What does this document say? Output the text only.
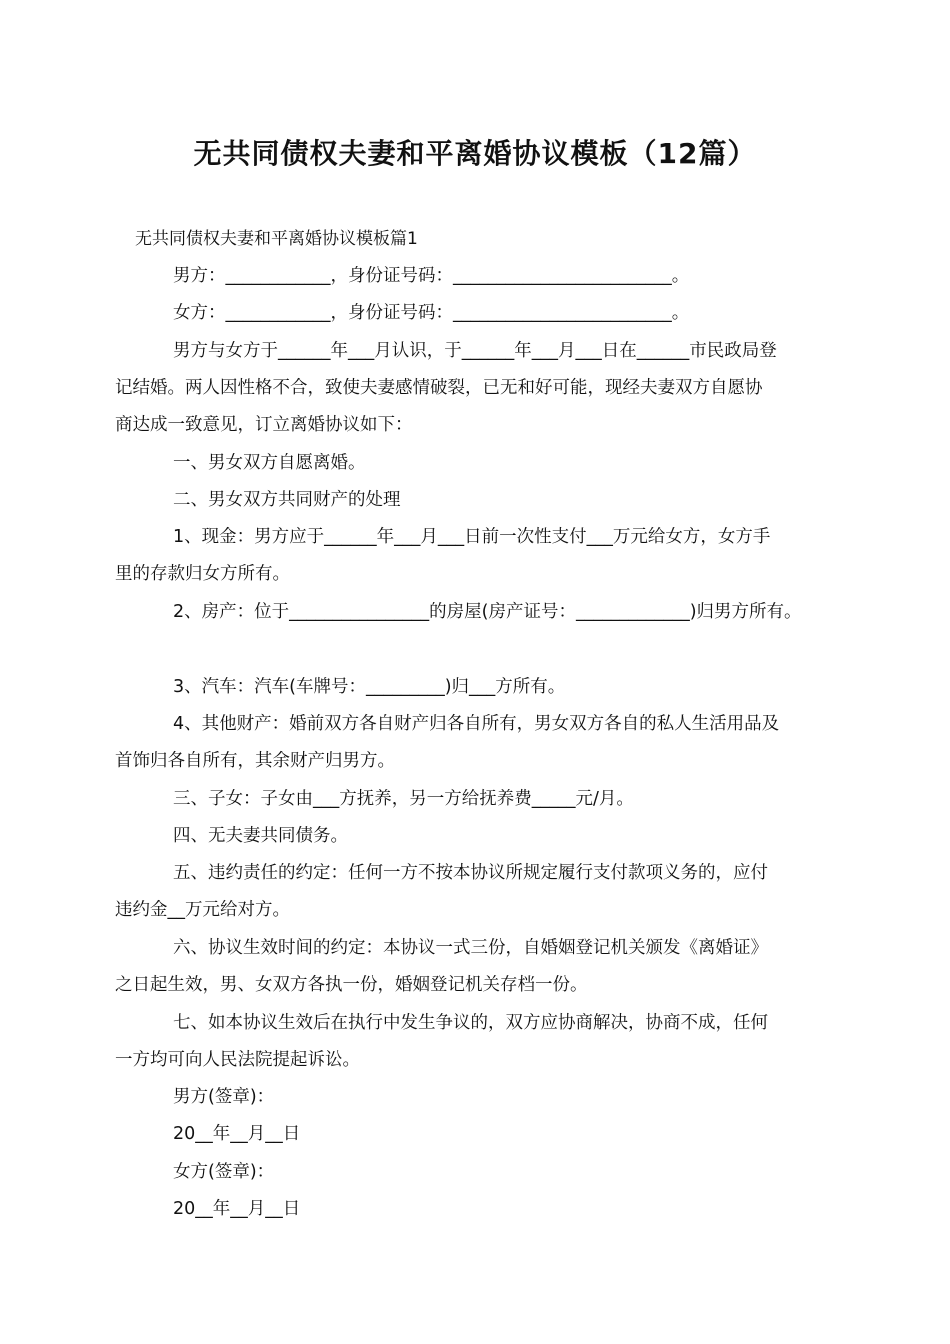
无共同债权夫妻和平离婚协议模板（12篇）
无共同债权夫妻和平离婚协议模板篇1
男方：____________，身份证号码：_________________________。
女方：____________，身份证号码：_________________________。
男方与女方于______年___月认识，于______年___月___日在______市民政局登
记结婚。两人因性格不合，致使夫妻感情破裂，已无和好可能，现经夫妻双方自愿协
商达成一致意见，订立离婚协议如下：
一、男女双方自愿离婚。
二、男女双方共同财产的处理
1、现金：男方应于______年___月___日前一次性支付___万元给女方，女方手
里的存款归女方所有。
2、房产：位于________________的房屋(房产证号：_____________)归男方所有。
3、汽车：汽车(车牌号：_________)归___方所有。
4、其他财产：婚前双方各自财产归各自所有，男女双方各自的私人生活用品及
首饰归各自所有，其余财产归男方。
三、子女：子女由___方抚养，另一方给抚养费_____元/月。
四、无夫妻共同债务。
五、违约责任的约定：任何一方不按本协议所规定履行支付款项义务的，应付
违约金__万元给对方。
六、协议生效时间的约定：本协议一式三份，自婚姻登记机关颁发《离婚证》
之日起生效，男、女双方各执一份，婚姻登记机关存档一份。
七、如本协议生效后在执行中发生争议的，双方应协商解决，协商不成，任何
一方均可向人民法院提起诉讼。
男方(签章)：
20__年__月__日
女方(签章)：
20__年__月__日
